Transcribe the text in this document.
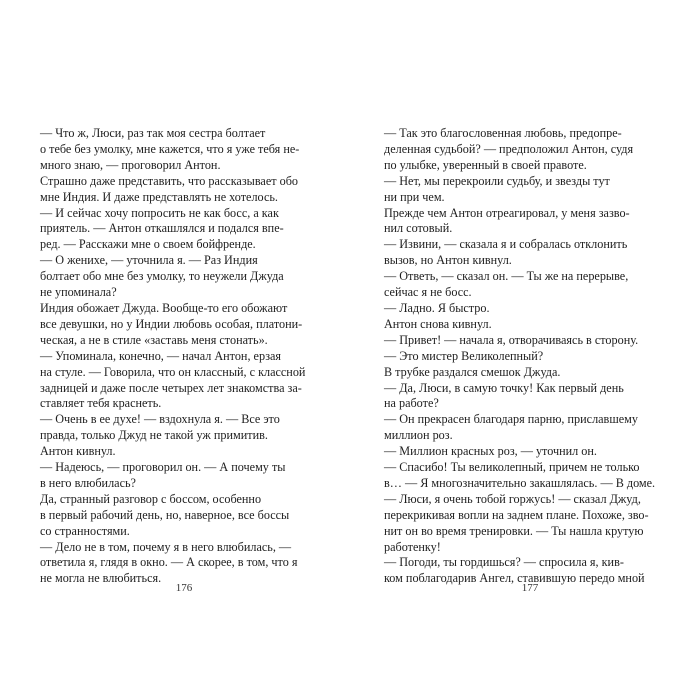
— Что ж, Люси, раз так моя сестра болтает
о тебе без умолку, мне кажется, что я уже тебя не-
много знаю, — проговорил Антон.

Страшно даже представить, что рассказывает обо
мне Индия. И даже представлять не хотелось.

— И сейчас хочу попросить не как босс, а как
приятель. — Антон откашлялся и подался впе-
ред. — Расскажи мне о своем бойфренде.

— О женихе, — уточнила я. — Раз Индия
болтает обо мне без умолку, то неужели Джуда
не упоминала?

Индия обожает Джуда. Вообще-то его обожают
все девушки, но у Индии любовь особая, платони-
ческая, а не в стиле «заставь меня стонать».

— Упоминала, конечно, — начал Антон, ерзая
на стуле. — Говорила, что он классный, с классной
задницей и даже после четырех лет знакомства за-
ставляет тебя краснеть.

— Очень в ее духе! — вздохнула я. — Все это
правда, только Джуд не такой уж примитив.

Антон кивнул.

— Надеюсь, — проговорил он. — А почему ты
в него влюбилась?

Да, странный разговор с боссом, особенно
в первый рабочий день, но, наверное, все боссы
со странностями.

— Дело не в том, почему я в него влюбилась, —
ответила я, глядя в окно. — А скорее, в том, что я
не могла не влюбиться.

— Так это благословенная любовь, предопре-
деленная судьбой? — предположил Антон, судя
по улыбке, уверенный в своей правоте.

— Нет, мы перекроили судьбу, и звезды тут
ни при чем.

Прежде чем Антон отреагировал, у меня зазво-
нил сотовый.

— Извини, — сказала я и собралась отклонить
вызов, но Антон кивнул.

— Ответь, — сказал он. — Ты же на перерыве,
сейчас я не босс.

— Ладно. Я быстро.

Антон снова кивнул.

— Привет! — начала я, отворачиваясь в сторону.
— Это мистер Великолепный?

В трубке раздался смешок Джуда.

— Да, Люси, в самую точку! Как первый день
на работе?

— Он прекрасен благодаря парню, приславшему
миллион роз.

— Миллион красных роз, — уточнил он.

— Спасибо! Ты великолепный, причем не только
в… — Я многозначительно закашлялась. — В доме.

— Люси, я очень тобой горжусь! — сказал Джуд,
перекрикивая вопли на заднем плане. Похоже, зво-
нит он во время тренировки. — Ты нашла крутую
работенку!

— Погоди, ты гордишься? — спросила я, кив-
ком поблагодарив Ангел, ставившую передо мной

176	177
